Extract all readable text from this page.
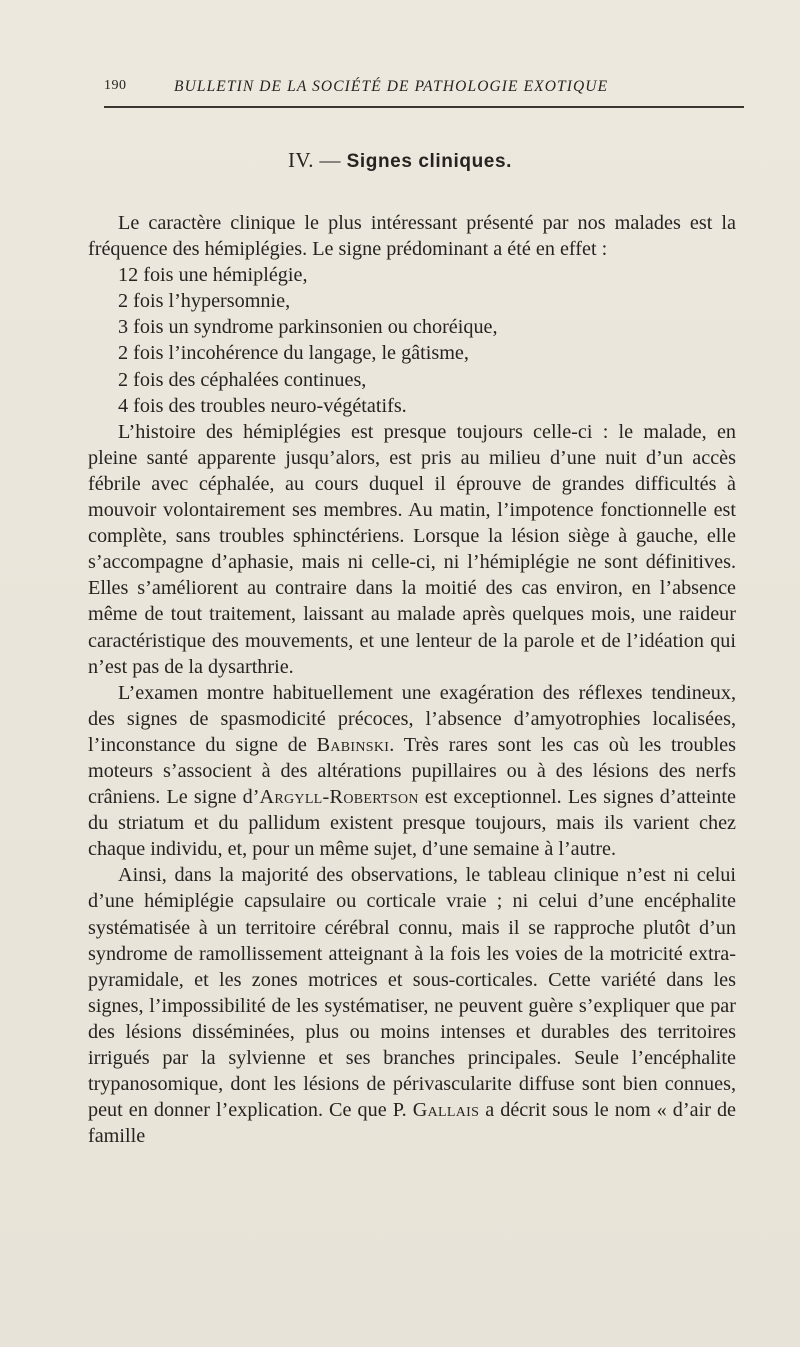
190	BULLETIN DE LA SOCIÉTÉ DE PATHOLOGIE EXOTIQUE
IV. — Signes cliniques.

Le caractère clinique le plus intéressant présenté par nos malades est la fréquence des hémiplégies. Le signe prédominant a été en effet :

12 fois une hémiplégie,
2 fois l’hypersomnie,
3 fois un syndrome parkinsonien ou choréique,
2 fois l’incohérence du langage, le gâtisme,
2 fois des céphalées continues,
4 fois des troubles neuro-végétatifs.

L’histoire des hémiplégies est presque toujours celle-ci : le malade, en pleine santé apparente jusqu’alors, est pris au milieu d’une nuit d’un accès fébrile avec céphalée, au cours duquel il éprouve de grandes difficultés à mouvoir volontairement ses membres. Au matin, l’impotence fonctionnelle est complète, sans troubles sphinctériens. Lorsque la lésion siège à gauche, elle s’accompagne d’aphasie, mais ni celle-ci, ni l’hémiplégie ne sont définitives. Elles s’améliorent au contraire dans la moitié des cas environ, en l’absence même de tout traitement, laissant au malade après quelques mois, une raideur caractéristique des mouvements, et une lenteur de la parole et de l’idéation qui n’est pas de la dysarthrie.

L’examen montre habituellement une exagération des réflexes tendineux, des signes de spasmodicité précoces, l’absence d’amyotrophies localisées, l’inconstance du signe de Babinski. Très rares sont les cas où les troubles moteurs s’associent à des altérations pupillaires ou à des lésions des nerfs crâniens. Le signe d’Argyll-Robertson est exceptionnel. Les signes d’atteinte du striatum et du pallidum existent presque toujours, mais ils varient chez chaque individu, et, pour un même sujet, d’une semaine à l’autre.

Ainsi, dans la majorité des observations, le tableau clinique n’est ni celui d’une hémiplégie capsulaire ou corticale vraie ; ni celui d’une encéphalite systématisée à un territoire cérébral connu, mais il se rapproche plutôt d’un syndrome de ramollissement atteignant à la fois les voies de la motricité extra-pyramidale, et les zones motrices et sous-corticales. Cette variété dans les signes, l’impossibilité de les systématiser, ne peuvent guère s’expliquer que par des lésions disséminées, plus ou moins intenses et durables des territoires irrigués par la sylvienne et ses branches principales. Seule l’encéphalite trypanosomique, dont les lésions de périvascularite diffuse sont bien connues, peut en donner l’explication. Ce que P. Gallais a décrit sous le nom « d’air de famille
